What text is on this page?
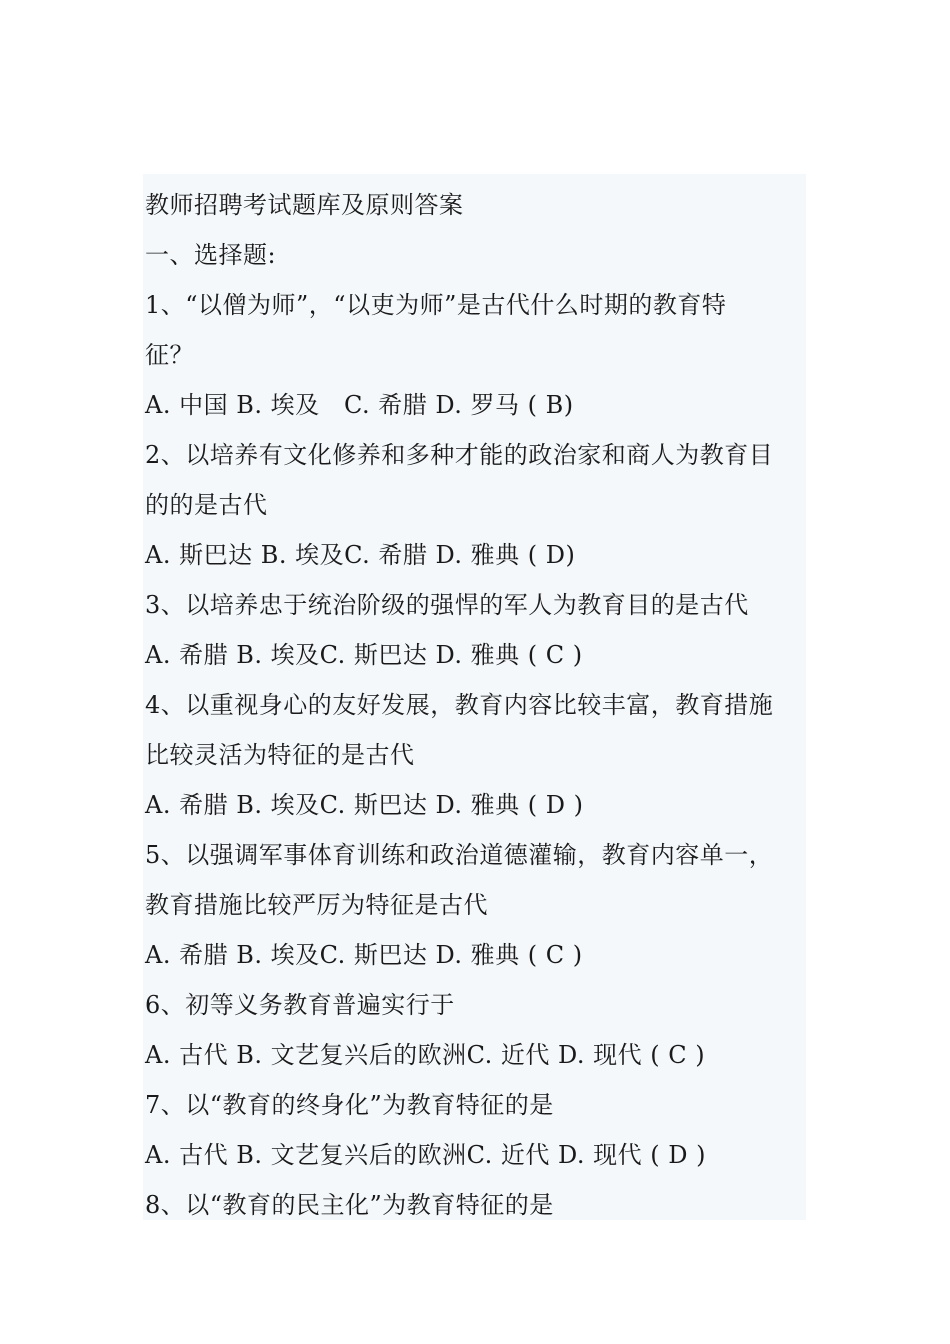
教师招聘考试题库及原则答案

一、选择题:

1、“以僧为师”，“以吏为师”是古代什么时期的教育特

征？

A. 中国 B. 埃及   C. 希腊 D. 罗马 ( B)

2、以培养有文化修养和多种才能的政治家和商人为教育目

的的是古代

A. 斯巴达 B. 埃及C. 希腊 D. 雅典 ( D)

3、以培养忠于统治阶级的强悍的军人为教育目的是古代

A. 希腊 B. 埃及C. 斯巴达 D. 雅典 ( C )

4、以重视身心的友好发展，教育内容比较丰富，教育措施

比较灵活为特征的是古代

A. 希腊 B. 埃及C. 斯巴达 D. 雅典 ( D )

5、以强调军事体育训练和政治道德灌输，教育内容单一，

教育措施比较严厉为特征是古代

A. 希腊 B. 埃及C. 斯巴达 D. 雅典 ( C )

6、初等义务教育普遍实行于

A. 古代 B. 文艺复兴后的欧洲C. 近代 D. 现代 ( C )

7、以“教育的终身化”为教育特征的是

A. 古代 B. 文艺复兴后的欧洲C. 近代 D. 现代 ( D )

8、以“教育的民主化”为教育特征的是
